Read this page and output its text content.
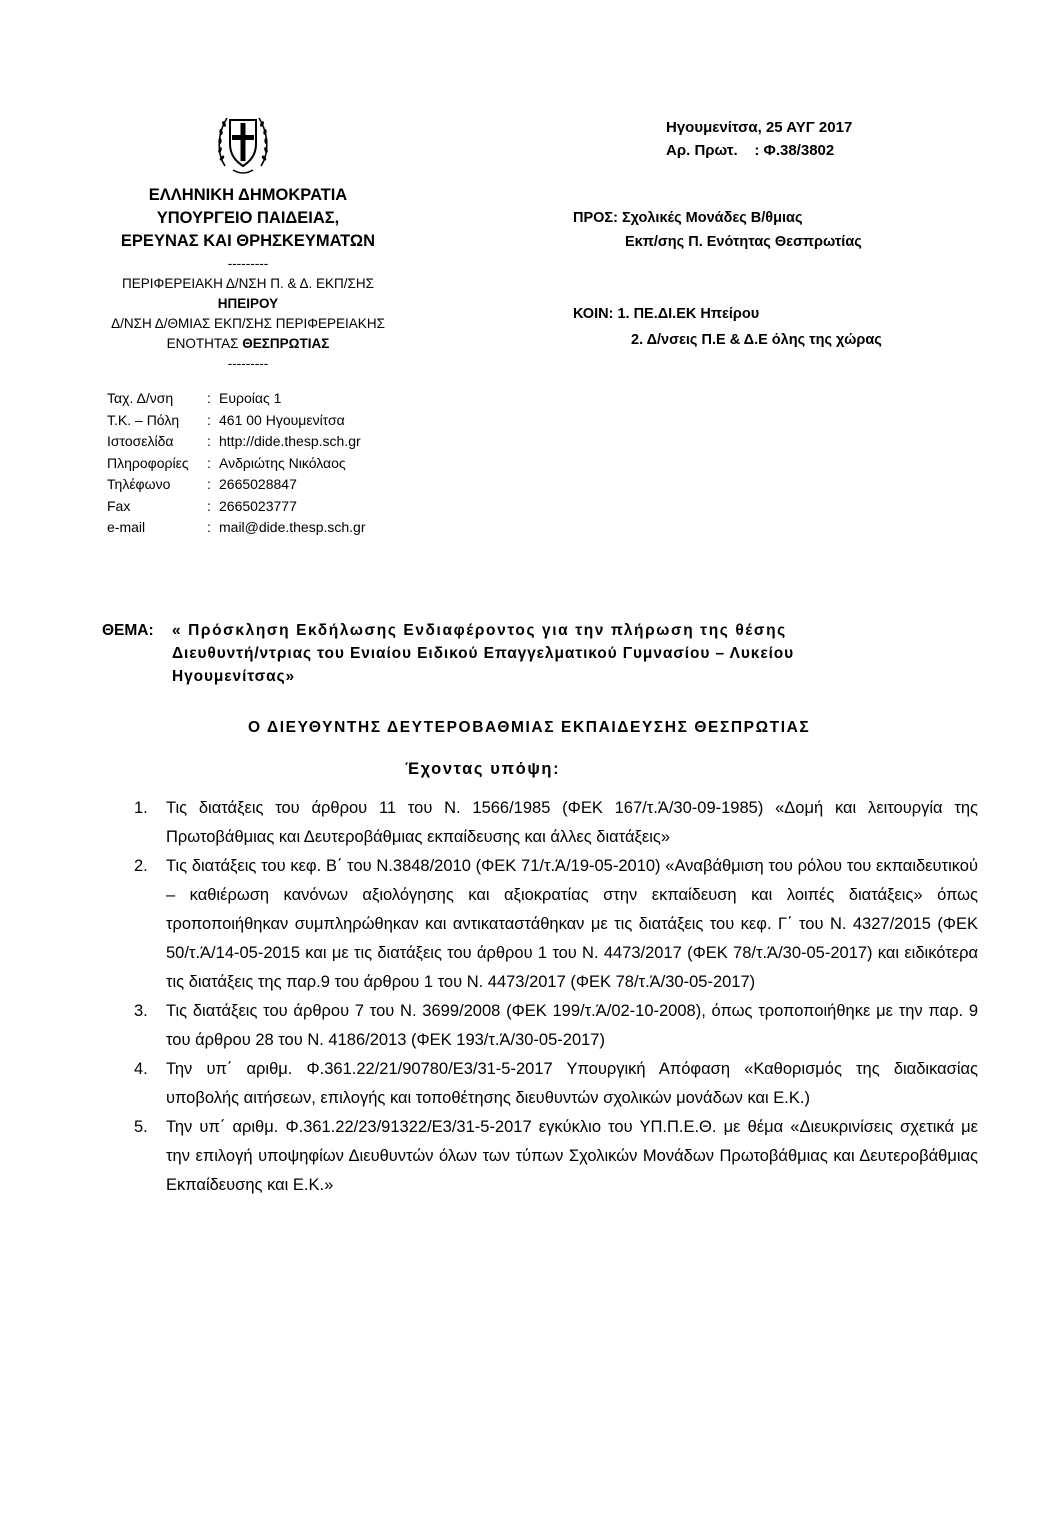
ΕΛΛΗΝΙΚΗ ΔΗΜΟΚΡΑΤΙΑ
ΥΠΟΥΡΓΕΙΟ ΠΑΙΔΕΙΑΣ,
ΕΡΕΥΝΑΣ ΚΑΙ ΘΡΗΣΚΕΥΜΑΤΩΝ
---------
ΠΕΡΙΦΕΡΕΙΑΚΗ Δ/ΝΣΗ Π. & Δ. ΕΚΠ/ΣΗΣ
ΗΠΕΙΡΟΥ
Δ/ΝΣΗ Δ/ΘΜΙΑΣ ΕΚΠ/ΣΗΣ ΠΕΡΙΦΕΡΕΙΑΚΗΣ
ΕΝΟΤΗΤΑΣ ΘΕΣΠΡΩΤΙΑΣ
---------
Ταχ. Δ/νση	: Ευροίας 1
Τ.Κ. – Πόλη	: 461 00 Ηγουμενίτσα
Ιστοσελίδα	: http://dide.thesp.sch.gr
Πληροφορίες	: Ανδριώτης Νικόλαος
Τηλέφωνο	: 2665028847
Fax	: 2665023777
e-mail	: mail@dide.thesp.sch.gr
Ηγουμενίτσα, 25 ΑΥΓ 2017
Αρ. Πρωτ. : Φ.38/3802
ΠΡΟΣ: Σχολικές Μονάδες Β/θμιας
Εκπ/σης Π. Ενότητας Θεσπρωτίας
ΚΟΙΝ: 1. ΠΕ.ΔΙ.ΕΚ Ηπείρου
2. Δ/νσεις Π.Ε & Δ.Ε όλης της χώρας
ΘΕΜΑ: « Πρόσκληση Εκδήλωσης Ενδιαφέροντος για την πλήρωση της θέσης
Διευθυντή/ντριας του Ενιαίου Ειδικού Επαγγελματικού Γυμνασίου – Λυκείου
Ηγουμενίτσας»
Ο ΔΙΕΥΘΥΝΤΗΣ ΔΕΥΤΕΡΟΒΑΘΜΙΑΣ ΕΚΠΑΙΔΕΥΣΗΣ ΘΕΣΠΡΩΤΙΑΣ
Έχοντας υπόψη:
1.	Τις διατάξεις του άρθρου 11 του Ν. 1566/1985 (ΦΕΚ 167/τ.Ά/30-09-1985) «Δομή και λειτουργία της Πρωτοβάθμιας και Δευτεροβάθμιας εκπαίδευσης και άλλες διατάξεις»
2.	Τις διατάξεις του κεφ. Β΄ του Ν.3848/2010 (ΦΕΚ 71/τ.Ά/19-05-2010) «Αναβάθμιση του ρόλου του εκπαιδευτικού – καθιέρωση κανόνων αξιολόγησης και αξιοκρατίας στην εκπαίδευση και λοιπές διατάξεις» όπως τροποποιήθηκαν συμπληρώθηκαν και αντικαταστάθηκαν με τις διατάξεις του κεφ. Γ΄ του Ν. 4327/2015 (ΦΕΚ 50/τ.Ά/14-05-2015 και με τις διατάξεις του άρθρου 1 του Ν. 4473/2017 (ΦΕΚ 78/τ.Ά/30-05-2017) και ειδικότερα τις διατάξεις της παρ.9 του άρθρου 1 του Ν. 4473/2017 (ΦΕΚ 78/τ.Ά/30-05-2017)
3.	Τις διατάξεις του άρθρου 7 του Ν. 3699/2008 (ΦΕΚ 199/τ.Ά/02-10-2008), όπως τροποποιήθηκε με την παρ. 9 του άρθρου 28 του Ν. 4186/2013 (ΦΕΚ 193/τ.Ά/30-05-2017)
4.	Την υπ΄ αριθμ. Φ.361.22/21/90780/Ε3/31-5-2017 Υπουργική Απόφαση «Καθορισμός της διαδικασίας υποβολής αιτήσεων, επιλογής και τοποθέτησης διευθυντών σχολικών μονάδων και Ε.Κ.)
5.	Την υπ΄ αριθμ. Φ.361.22/23/91322/Ε3/31-5-2017 εγκύκλιο του ΥΠ.Π.Ε.Θ. με θέμα «Διευκρινίσεις σχετικά με την επιλογή υποψηφίων Διευθυντών όλων των τύπων Σχολικών Μονάδων Πρωτοβάθμιας και Δευτεροβάθμιας Εκπαίδευσης και Ε.Κ.»
